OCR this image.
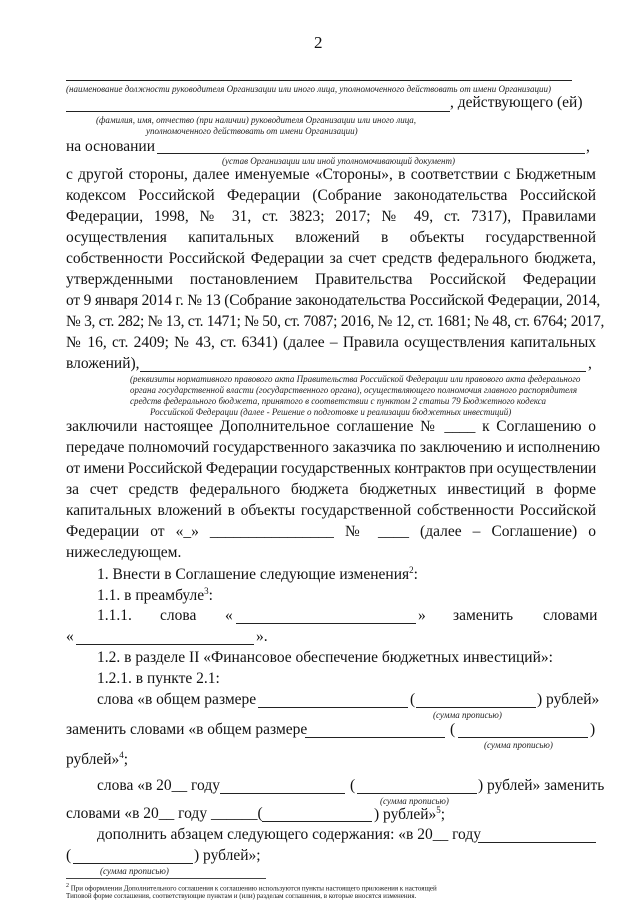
2
(наименование должности руководителя Организации или иного лица, уполномоченного действовать от имени Организации)
, действующего (ей)
(фамилия, имя, отчество (при наличии) руководителя Организации или иного лица,
уполномоченного действовать от имени Организации)
на основании	,
(устав Организации или иной уполномочивающий документ)
с другой стороны, далее именуемые «Стороны», в соответствии с Бюджетным
кодексом Российской Федерации (Собрание законодательства Российской
Федерации, 1998, № 31, ст. 3823; 2017; № 49, ст. 7317), Правилами
осуществления капитальных вложений в объекты государственной
собственности Российской Федерации за счет средств федерального бюджета,
утвержденными постановлением Правительства Российской Федерации
от 9 января 2014 г. № 13 (Собрание законодательства Российской Федерации, 2014,
№ 3, ст. 282; № 13, ст. 1471; № 50, ст. 7087; 2016, № 12, ст. 1681; № 48, ст. 6764; 2017,
№ 16, ст. 2409; № 43, ст. 6341) (далее – Правила осуществления капитальных
вложений),	,
(реквизиты нормативного правового акта Правительства Российской Федерации или правового акта федерального
органа государственной власти (государственного органа), осуществляющего полномочия главного распорядителя
средств федерального бюджета, принятого в соответствии с пунктом 2 статьи 79 Бюджетного кодекса
Российской Федерации (далее - Решение о подготовке и реализации бюджетных инвестиций)
заключили настоящее Дополнительное соглашение № ____ к Соглашению о
передаче полномочий государственного заказчика по заключению и исполнению
от имени Российской Федерации государственных контрактов при осуществлении
за счет средств федерального бюджета бюджетных инвестиций в форме
капитальных вложений в объекты государственной собственности Российской
Федерации от «_» ________________ № ____ (далее – Соглашение) о
нижеследующем.
1. Внести в Соглашение следующие изменения$^2$:
1.1. в преамбуле$^3$:
1.1.1. слова «	» заменить словами
«	».
1.2. в разделе II «Финансовое обеспечение бюджетных инвестиций»:
1.2.1. в пункте 2.1:
слова «в общем размере	(	) рублей»
(сумма прописью)
заменить словами «в общем размере	(	)
(сумма прописью)
рублей»$^4$;
слова «в 20__ году	(	) рублей» заменить
(сумма прописью)
словами «в 20__ году ______(	) рублей»$^5$;
дополнить абзацем следующего содержания: «в 20__ году
(	) рублей»;
(сумма прописью)
$^2$ При оформлении Дополнительного соглашения к соглашению используются пункты настоящего приложения к настоящей
Типовой форме соглашения, соответствующие пунктам и (или) разделам соглашения, в которые вносятся изменения.
